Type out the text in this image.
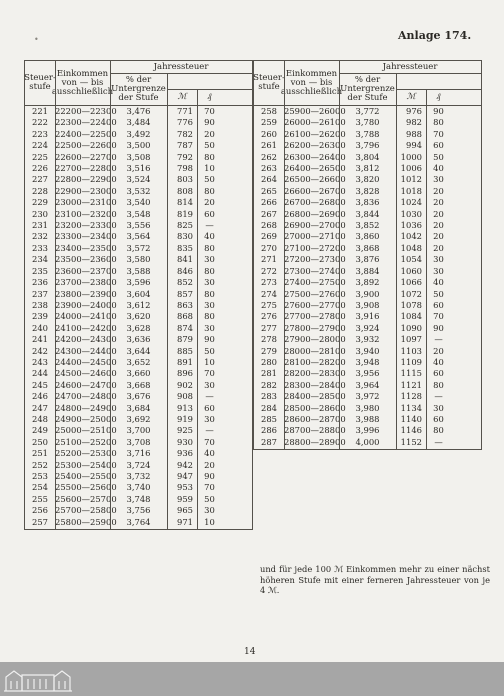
•	Anlage 174.
Steuer-
stufe
Einkommen
von — bis
ausschließlich
Jahressteuer
% der
Untergrenze
der Stufe	ℳ ₰
221 22200—22300	3,476	771	70
222 22300—22400	3,484	776	90
223 22400—22500	3,492	782	20
224 22500—22600	3,500	787	50
225 22600—22700	3,508	792	80
226 22700—22800	3,516	798	10
227 22800—22900	3,524	803	50
228 22900—23000	3,532	808	80
229 23000—23100	3,540	814	20
230 23100—23200	3,548	819	60
231 23200—23300	3,556	825	—
232 23300—23400	3,564	830	40
233 23400—23500	3,572	835	80
234 23500—23600	3,580	841	30
235 23600—23700	3,588	846	80
236 23700—23800	3,596	852	30
237 23800—23900	3,604	857	80
238 23900—24000	3,612	863	30
239 24000—24100	3,620	868	80
240 24100—24200	3,628	874	30
241 24200—24300	3,636	879	90
242 24300—24400	3,644	885	50
243 24400—24500	3,652	891	10
244 24500—24600	3,660	896	70
245 24600—24700	3,668	902	30
246 24700—24800	3,676	908	—
247 24800—24900	3,684	913	60
248 24900—25000	3,692	919	30
249 25000—25100	3,700	925	—
250 25100—25200	3,708	930	70
251 25200—25300	3,716	936	40
252 25300—25400	3,724	942	20
253 25400—25500	3,732	947	90
254 25500—25600	3,740	953	70
255 25600—25700	3,748	959	50
256 25700—25800	3,756	965	30
257 25800—25900	3,764	971	10
Steuer-
stufe
Einkommen
von — bis
ausschließlich
Jahressteuer
% der
Untergrenze
der Stufe	ℳ ₰
258 25900—26000	3,772	976	90
259 26000—26100	3,780	982	80
260 26100—26200	3,788	988	70
261 26200—26300	3,796	994	60
262 26300—26400	3,804	1000	50
263 26400—26500	3,812	1006	40
264 26500—26600	3,820	1012	30
265 26600—26700	3,828	1018	20
266 26700—26800	3,836	1024	20
267 26800—26900	3,844	1030	20
268 26900—27000	3,852	1036	20
269 27000—27100	3,860	1042	20
270 27100—27200	3,868	1048	20
271 27200—27300	3,876	1054	30
272 27300—27400	3,884	1060	30
273 27400—27500	3,892	1066	40
274 27500—27600	3,900	1072	50
275 27600—27700	3,908	1078	60
276 27700—27800	3,916	1084	70
277 27800—27900	3,924	1090	90
278 27900—28000	3,932	1097	—
279 28000—28100	3,940	1103	20
280 28100—28200	3,948	1109	40
281 28200—28300	3,956	1115	60
282 28300—28400	3,964	1121	80
283 28400—28500	3,972	1128	—
284 28500—28600	3,980	1134	30
285 28600—28700	3,988	1140	60
286 28700—28800	3,996	1146	80
287 28800—28900	4,000	1152	—
und für jede 100 ℳ Einkommen mehr zu einer nächst höheren Stufe mit einer ferneren Jahressteuer von je 4 ℳ.
14
